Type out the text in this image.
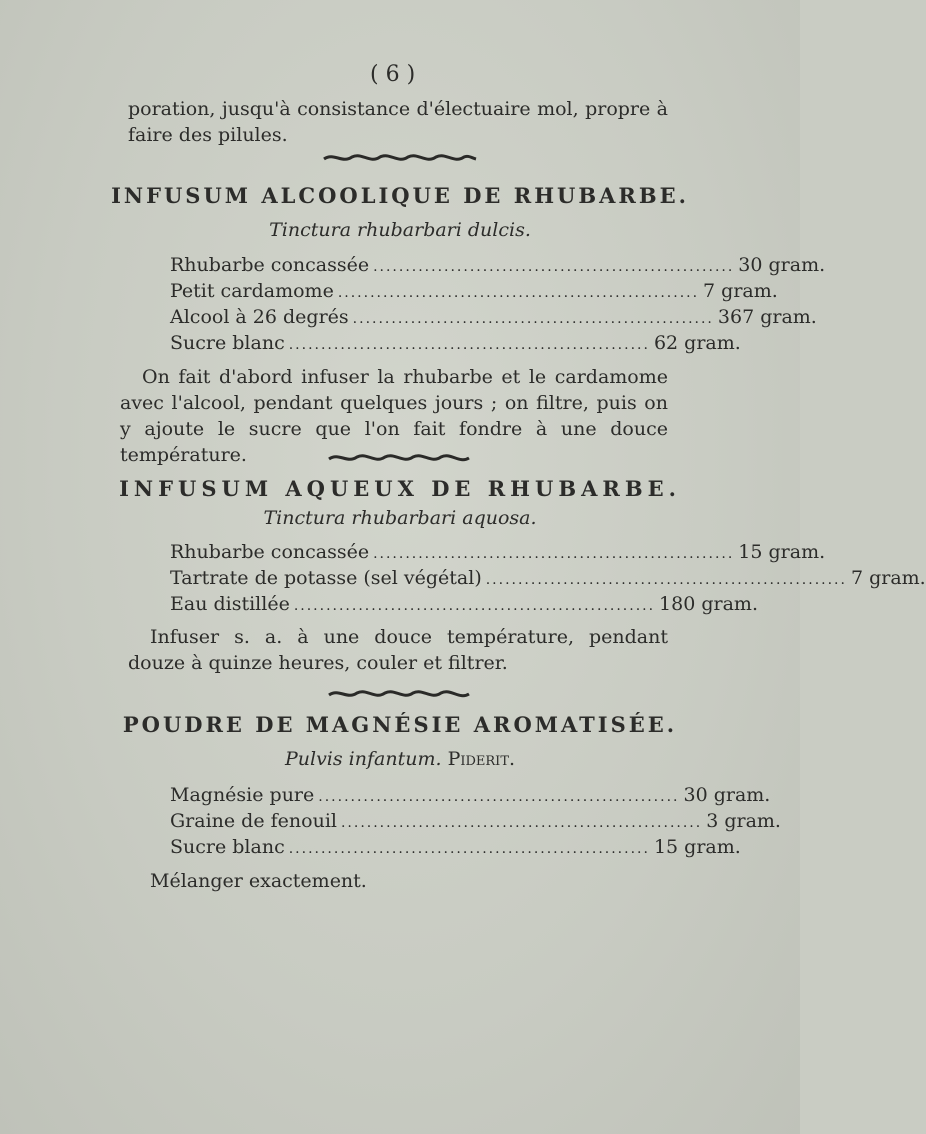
( 6 )
poration, jusqu'à consistance d'électuaire mol, propre à faire des pilules.
INFUSUM ALCOOLIQUE DE RHUBARBE.
Tinctura rhubarbari dulcis.
Rhubarbe concassée ........................................................ 30 gram.
Petit cardamome ........................................................ 7 gram.
Alcool à 26 degrés ........................................................ 367 gram.
Sucre blanc ........................................................ 62 gram.
On fait d'abord infuser la rhubarbe et le cardamome avec l'alcool, pendant quelques jours ; on filtre, puis on y ajoute le sucre que l'on fait fondre à une douce température.
INFUSUM AQUEUX DE RHUBARBE.
Tinctura rhubarbari aquosa.
Rhubarbe concassée ........................................................ 15 gram.
Tartrate de potasse (sel végétal) ........................................................ 7 gram.
Eau distillée ........................................................ 180 gram.
Infuser s. a. à une douce température, pendant douze à quinze heures, couler et filtrer.
POUDRE DE MAGNÉSIE AROMATISÉE.
Pulvis infantum. Piderit.
Magnésie pure ........................................................ 30 gram.
Graine de fenouil ........................................................ 3 gram.
Sucre blanc ........................................................ 15 gram.
Mélanger exactement.
